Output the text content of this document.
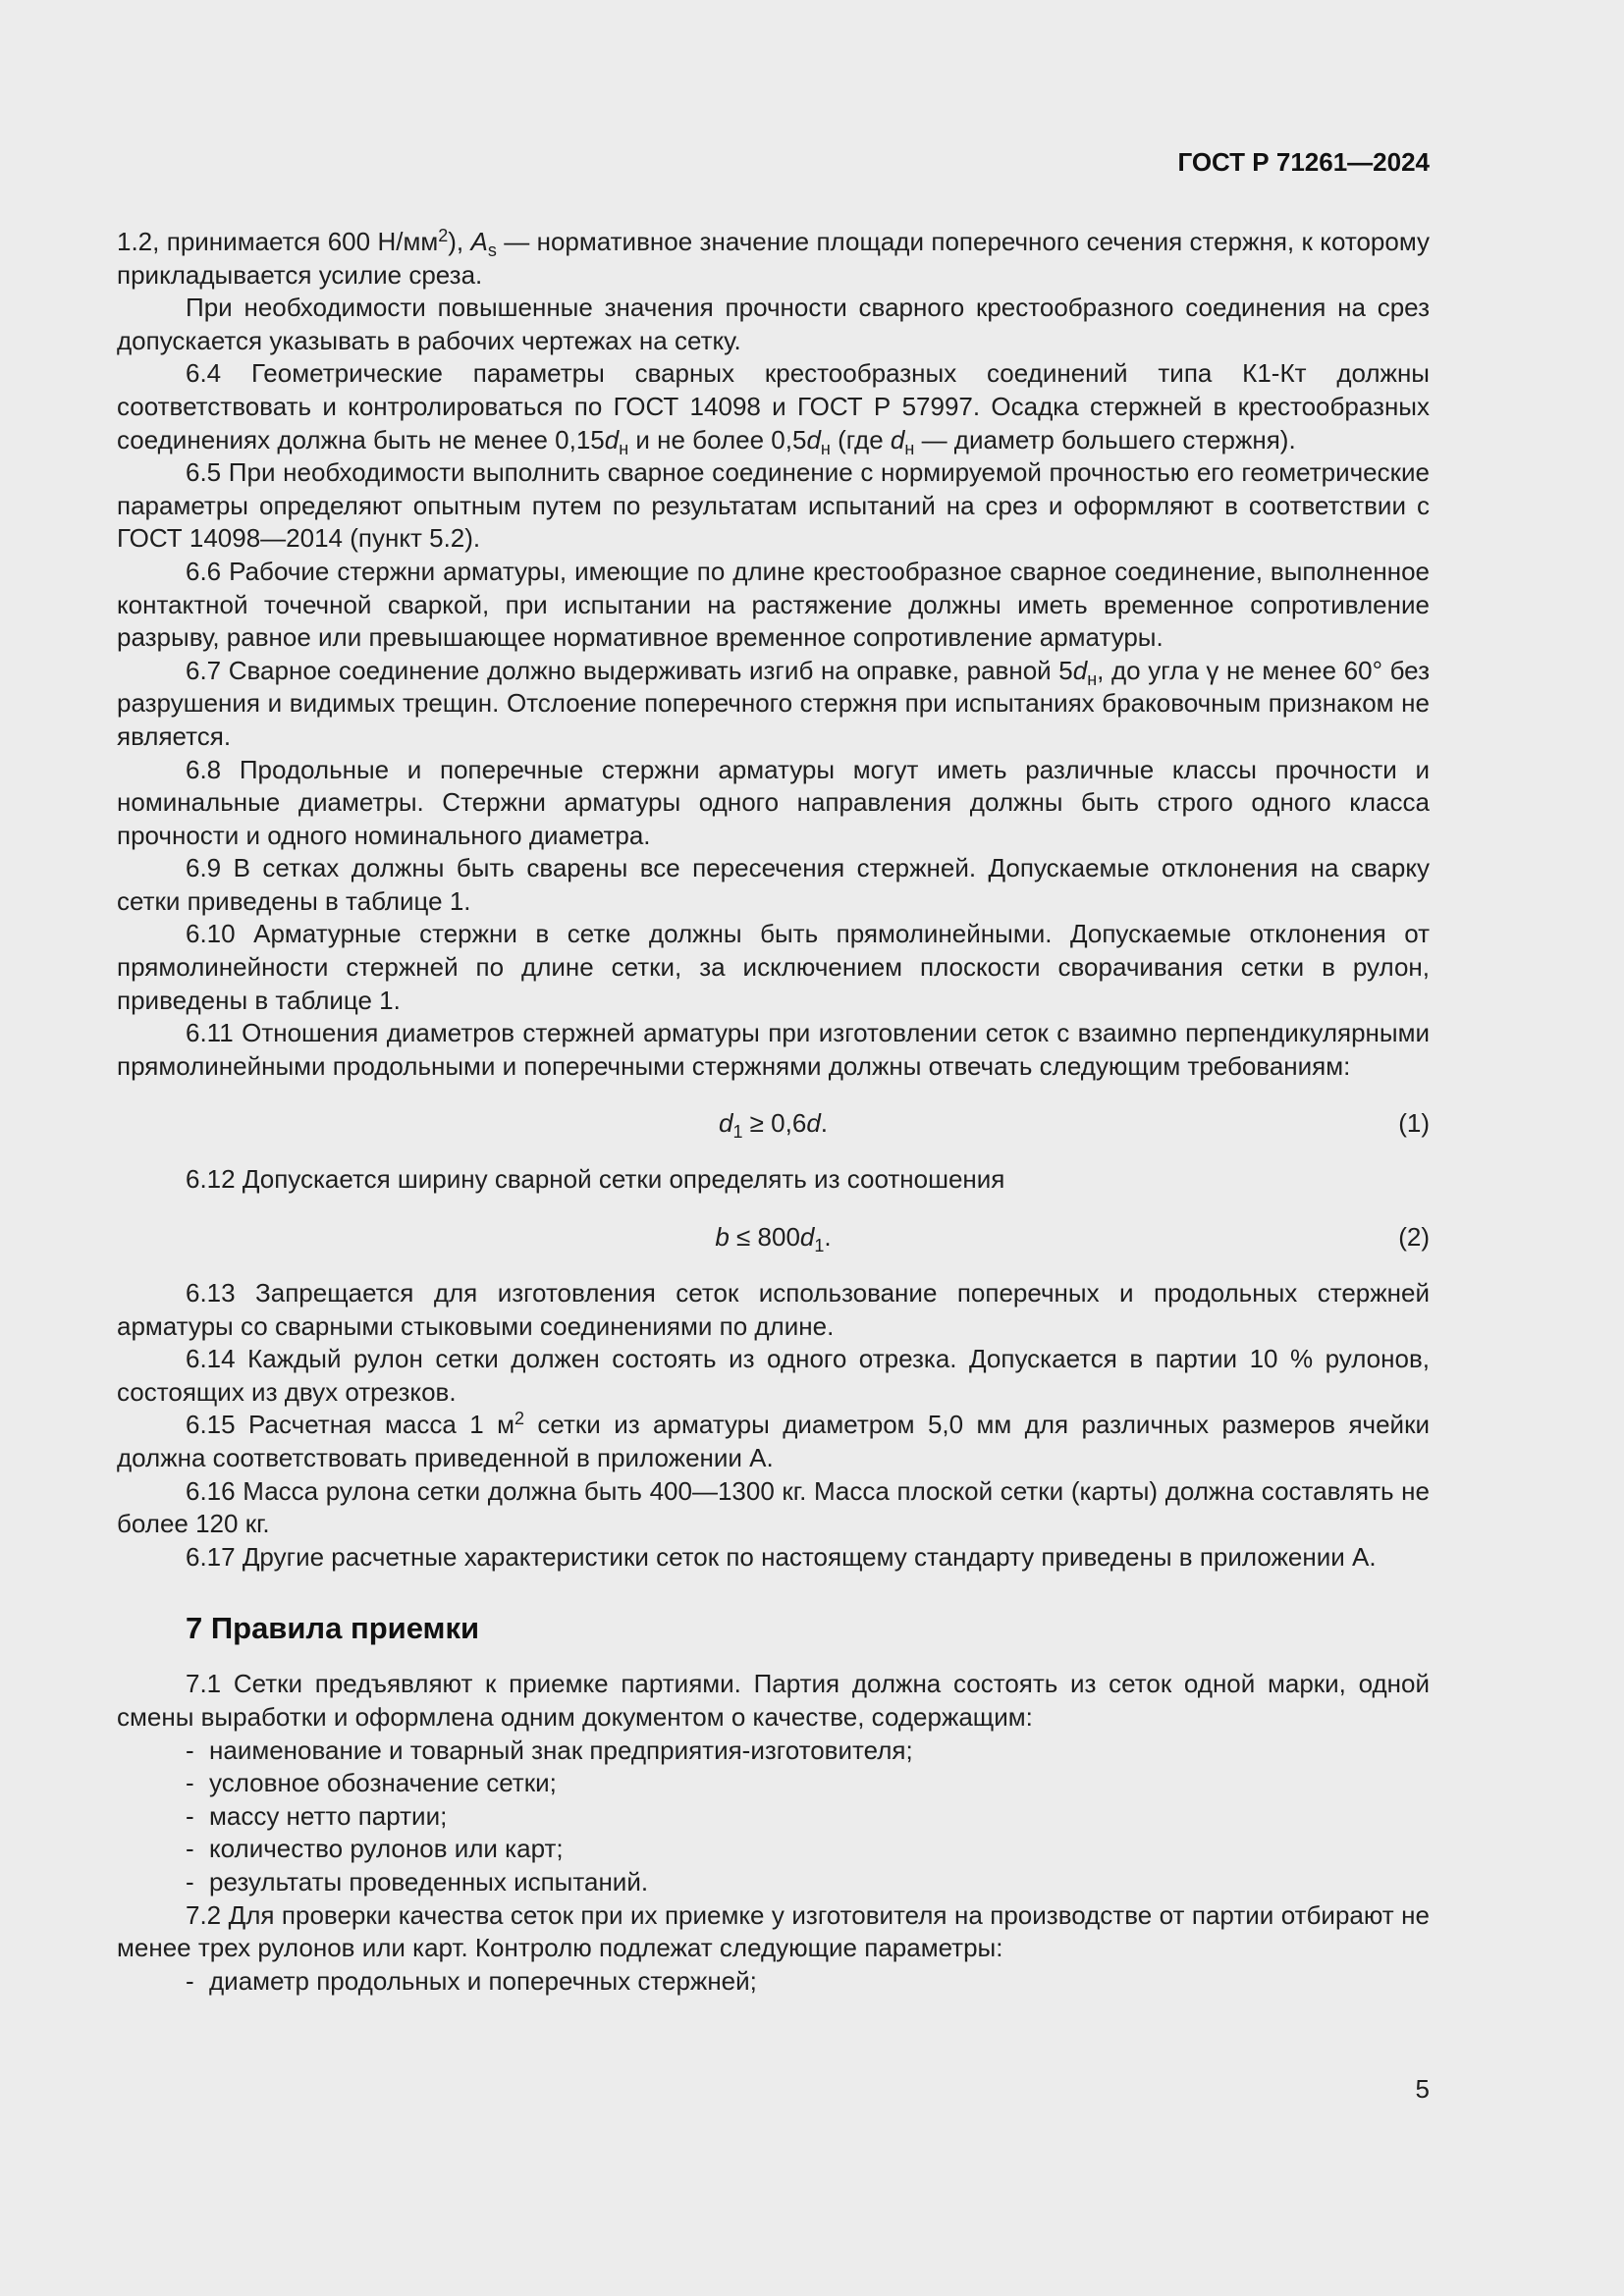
ГОСТ Р 71261—2024

1.2, принимается 600 $Н/мм^2$), $A_s$ — нормативное значение площади поперечного сечения стержня, к которому прикладывается усилие среза.

При необходимости повышенные значения прочности сварного крестообразного соединения на срез допускается указывать в рабочих чертежах на сетку.

6.4 Геометрические параметры сварных крестообразных соединений типа К1-Кт должны соответствовать и контролироваться по ГОСТ 14098 и ГОСТ Р 57997. Осадка стержней в крестообразных соединениях должна быть не менее $0,15d_н$ и не более $0,5d_н$ (где $d_н$ — диаметр большего стержня).

6.5 При необходимости выполнить сварное соединение с нормируемой прочностью его геометрические параметры определяют опытным путем по результатам испытаний на срез и оформляют в соответствии с ГОСТ 14098—2014 (пункт 5.2).

6.6 Рабочие стержни арматуры, имеющие по длине крестообразное сварное соединение, выполненное контактной точечной сваркой, при испытании на растяжение должны иметь временное сопротивление разрыву, равное или превышающее нормативное временное сопротивление арматуры.

6.7 Сварное соединение должно выдерживать изгиб на оправке, равной $5d_н$, до угла γ не менее 60° без разрушения и видимых трещин. Отслоение поперечного стержня при испытаниях браковочным признаком не является.

6.8 Продольные и поперечные стержни арматуры могут иметь различные классы прочности и номинальные диаметры. Стержни арматуры одного направления должны быть строго одного класса прочности и одного номинального диаметра.

6.9 В сетках должны быть сварены все пересечения стержней. Допускаемые отклонения на сварку сетки приведены в таблице 1.

6.10 Арматурные стержни в сетке должны быть прямолинейными. Допускаемые отклонения от прямолинейности стержней по длине сетки, за исключением плоскости сворачивания сетки в рулон, приведены в таблице 1.

6.11 Отношения диаметров стержней арматуры при изготовлении сеток с взаимно перпендикулярными прямолинейными продольными и поперечными стержнями должны отвечать следующим требованиям:

$d_1 \ge 0,6d$.	(1)

6.12 Допускается ширину сварной сетки определять из соотношения

$b \le 800d_1$.	(2)

6.13 Запрещается для изготовления сеток использование поперечных и продольных стержней арматуры со сварными стыковыми соединениями по длине.

6.14 Каждый рулон сетки должен состоять из одного отрезка. Допускается в партии 10 % рулонов, состоящих из двух отрезков.

6.15 Расчетная масса 1 $м^2$ сетки из арматуры диаметром 5,0 мм для различных размеров ячейки должна соответствовать приведенной в приложении А.

6.16 Масса рулона сетки должна быть 400—1300 кг. Масса плоской сетки (карты) должна составлять не более 120 кг.

6.17 Другие расчетные характеристики сеток по настоящему стандарту приведены в приложении А.

7 Правила приемки

7.1 Сетки предъявляют к приемке партиями. Партия должна состоять из сеток одной марки, одной смены выработки и оформлена одним документом о качестве, содержащим:

- наименование и товарный знак предприятия-изготовителя;
- условное обозначение сетки;
- массу нетто партии;
- количество рулонов или карт;
- результаты проведенных испытаний.

7.2 Для проверки качества сеток при их приемке у изготовителя на производстве от партии отбирают не менее трех рулонов или карт. Контролю подлежат следующие параметры:

- диаметр продольных и поперечных стержней;
5
